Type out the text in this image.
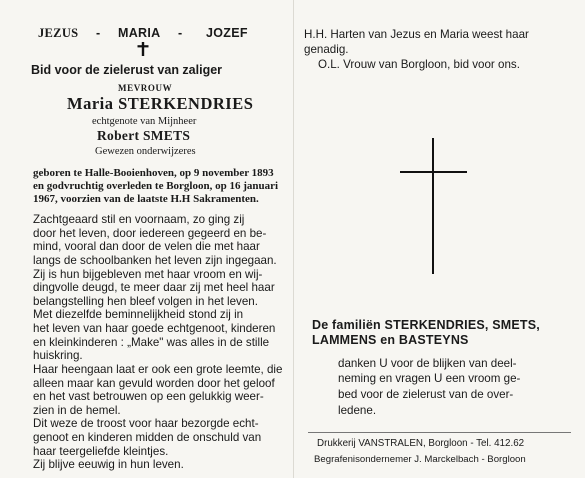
JEZUS - MARIA - JOZEF
Bid voor de zielerust van zaliger
MEVROUW
Maria STERKENDRIES
echtgenote van Mijnheer
Robert SMETS
Gewezen onderwijzeres
geboren te Halle-Booienhoven, op 9 november 1893
en godvruchtig overleden te Borgloon, op 16 januari
1967, voorzien van de laatste H.H Sakramenten.
Zachtgeaard stil en voornaam, zo ging zij
door het leven, door iedereen gegeerd en be-
mind, vooral dan door de velen die met haar
langs de schoolbanken het leven zijn ingegaan.
Zij is hun bijgebleven met haar vroom en wij-
dingvolle deugd, te meer daar zij met heel haar
belangstelling hen bleef volgen in het leven.
Met diezelfde beminnelijkheid stond zij in
het leven van haar goede echtgenoot, kinderen
en kleinkinderen : „Make" was alles in de stille
huiskring.
Haar heengaan laat er ook een grote leemte, die
alleen maar kan gevuld worden door het geloof
en het vast betrouwen op een gelukkig weer-
zien in de hemel.
Dit weze de troost voor haar bezorgde echt-
H.H. Harten van Jezus en Maria weest haar
genadig.
O.L. Vrouw van Borgloon, bid voor ons.
De familiën STERKENDRIES, SMETS,
LAMMENS en BASTEYNS
danken U voor de blijken van deel-
neming en vragen U een vroom ge-
bed voor de zielerust van de over-
ledene.
Drukkerij VANSTRALEN, Borgloon - Tel. 412.62
Begrafenisondernemer J. Marckelbach - Borgloon
genoot en kinderen midden de onschuld van
haar teergeliefde kleintjes.
Zij blijve eeuwig in hun leven.
